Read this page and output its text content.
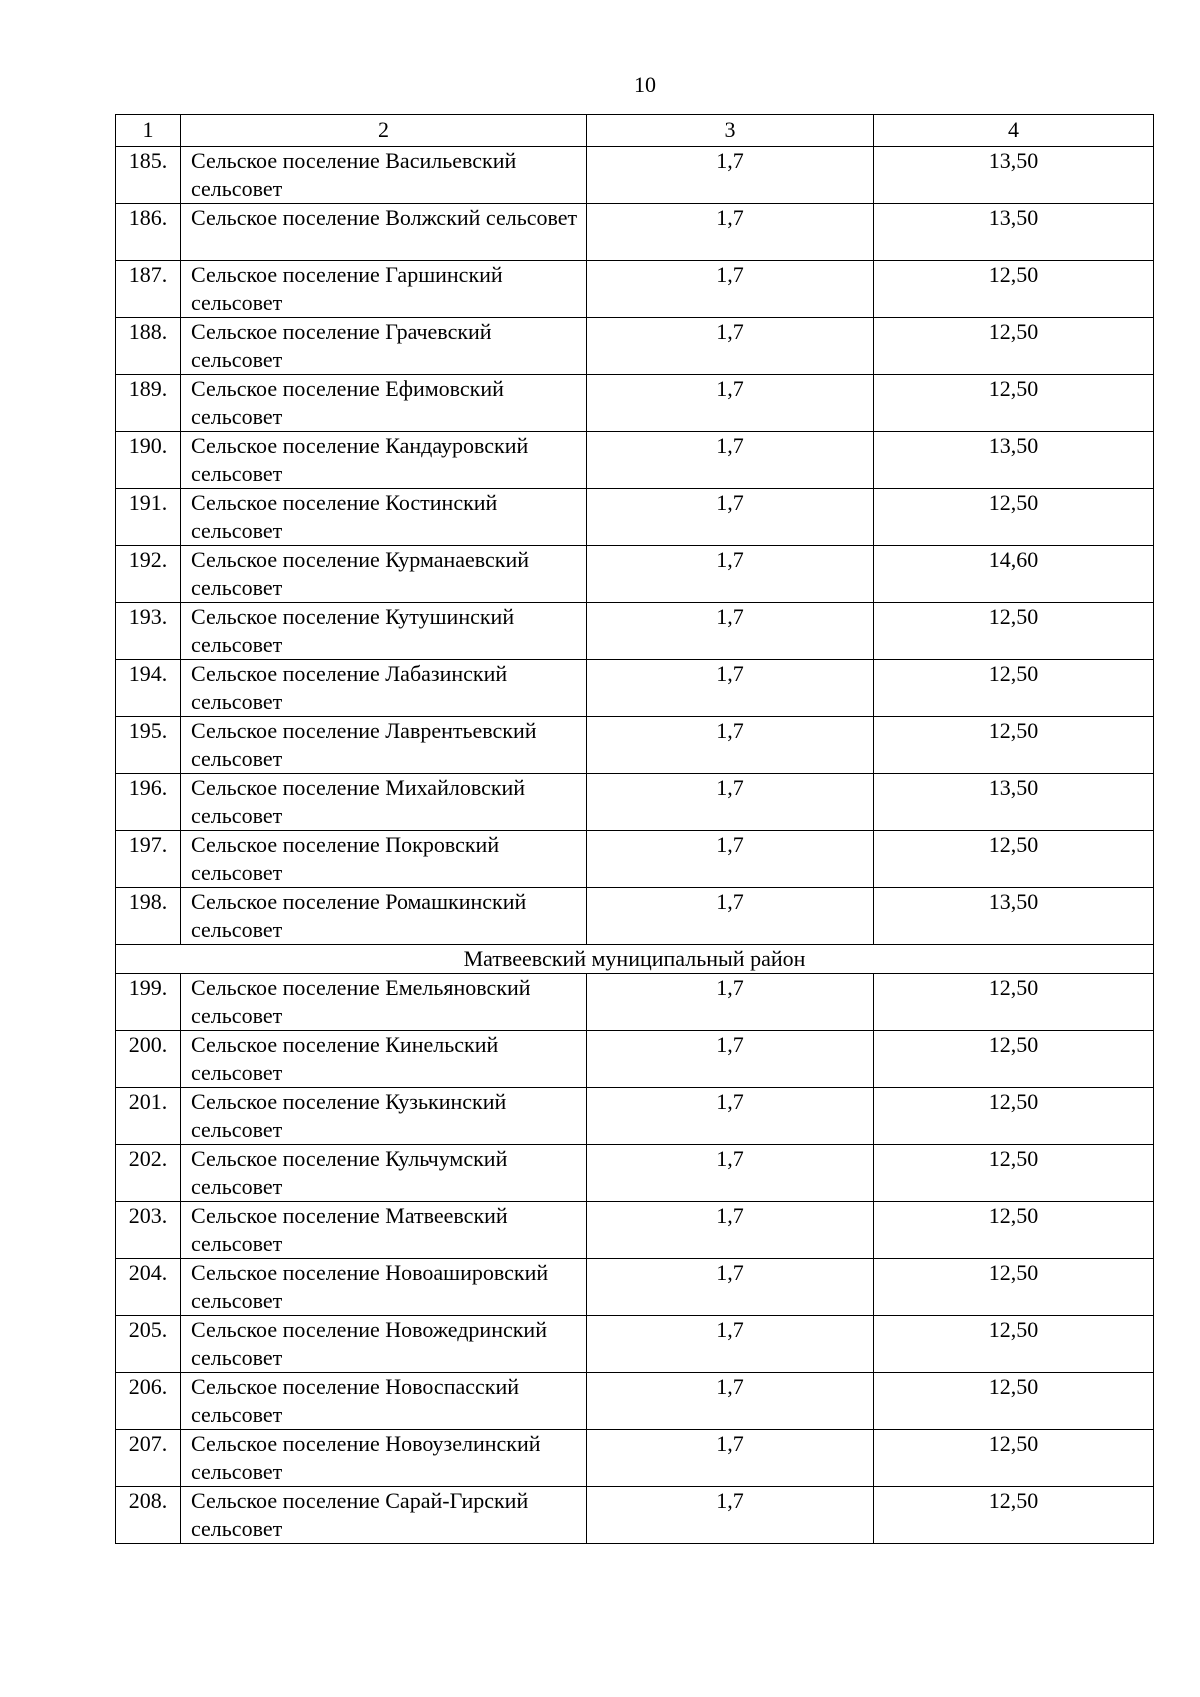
10
1	2	3	4
185.	Сельское поселение Васильевский сельсовет	1,7	13,50
186.	Сельское поселение Волжский сельсовет	1,7	13,50
187.	Сельское поселение Гаршинский сельсовет	1,7	12,50
188.	Сельское поселение Грачевский сельсовет	1,7	12,50
189.	Сельское поселение Ефимовский сельсовет	1,7	12,50
190.	Сельское поселение Кандауровский сельсовет	1,7	13,50
191.	Сельское поселение Костинский сельсовет	1,7	12,50
192.	Сельское поселение Курманаевский сельсовет	1,7	14,60
193.	Сельское поселение Кутушинский сельсовет	1,7	12,50
194.	Сельское поселение Лабазинский сельсовет	1,7	12,50
195.	Сельское поселение Лаврентьевский сельсовет	1,7	12,50
196.	Сельское поселение Михайловский сельсовет	1,7	13,50
197.	Сельское поселение Покровский сельсовет	1,7	12,50
198.	Сельское поселение Ромашкинский сельсовет	1,7	13,50
Матвеевский муниципальный район			
199.	Сельское поселение Емельяновский сельсовет	1,7	12,50
200.	Сельское поселение Кинельский сельсовет	1,7	12,50
201.	Сельское поселение Кузькинский сельсовет	1,7	12,50
202.	Сельское поселение Кульчумский сельсовет	1,7	12,50
203.	Сельское поселение Матвеевский сельсовет	1,7	12,50
204.	Сельское поселение Новоашировский сельсовет	1,7	12,50
205.	Сельское поселение Новожедринский сельсовет	1,7	12,50
206.	Сельское поселение Новоспасский сельсовет	1,7	12,50
207.	Сельское поселение Новоузелинский сельсовет	1,7	12,50
208.	Сельское поселение Сарай-Гирский сельсовет	1,7	12,50
